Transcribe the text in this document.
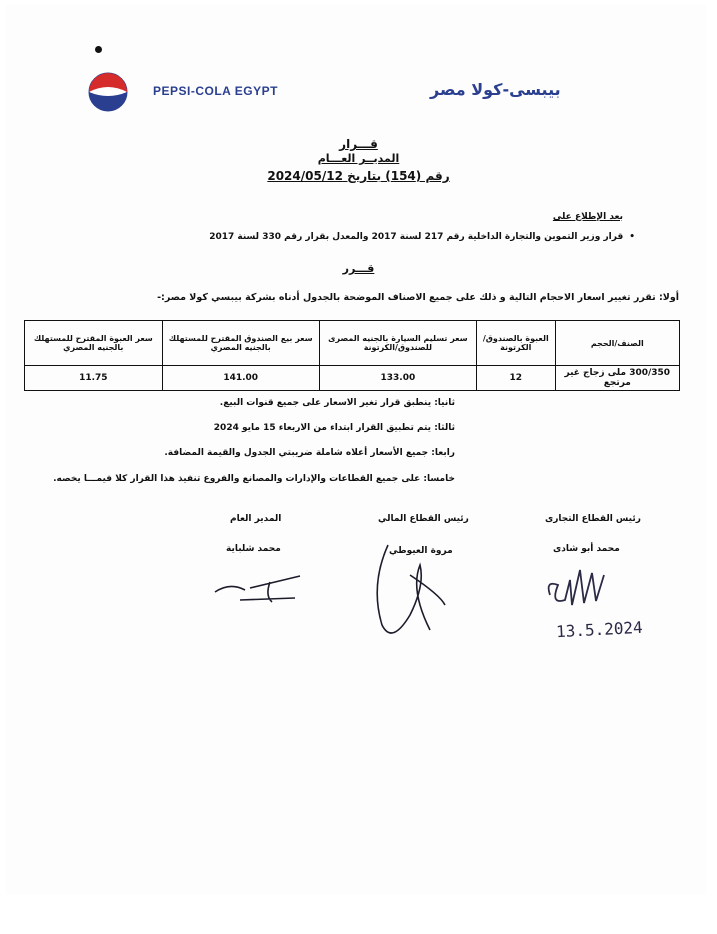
PEPSI-COLA EGYPT	بيبسى-كولا مصر
قـــرار
المديــر العـــام
رقم (154) بتاريخ 2024/05/12
بعد الإطلاع على
• قرار وزير التموين والتجارة الداخلية رقم 217 لسنة 2017 والمعدل بقرار رقم 330 لسنة 2017
قـــرر
أولا: تقرر تغيير اسعار الاحجام التالية و ذلك على جميع الاصناف الموضحة بالجدول أدناه بشركة بيبسي كولا مصر:-
الصنف/الحجم	العبوة بالصندوق/ الكرتونة	سعر تسليم السيارة بالجنيه المصرى للصندوق/الكرتونة	سعر بيع الصندوق المقترح للمستهلك بالجنيه المصري	سعر العبوة المقترح للمستهلك بالجنيه المصري
300/350 ملى زجاج غير مرتجع	12	133.00	141.00	11.75
ثانيا: ينطبق قرار تغير الاسعار على جميع قنوات البيع.
ثالثا: يتم تطبيق القرار ابتداء من الاربعاء 15 مايو 2024
رابعا: جميع الأسعار أعلاه شاملة ضريبتي الجدول والقيمة المضافة.
خامسا: على جميع القطاعات والإدارات والمصانع والفروع تنفيذ هذا القرار كلا فيمـــا يخصه.
رئيس القطاع التجارى
محمد أبو شادى
رئيس القطاع المالي
مروة العيوطي
المدير العام
محمد شلباية
13.5.2024
